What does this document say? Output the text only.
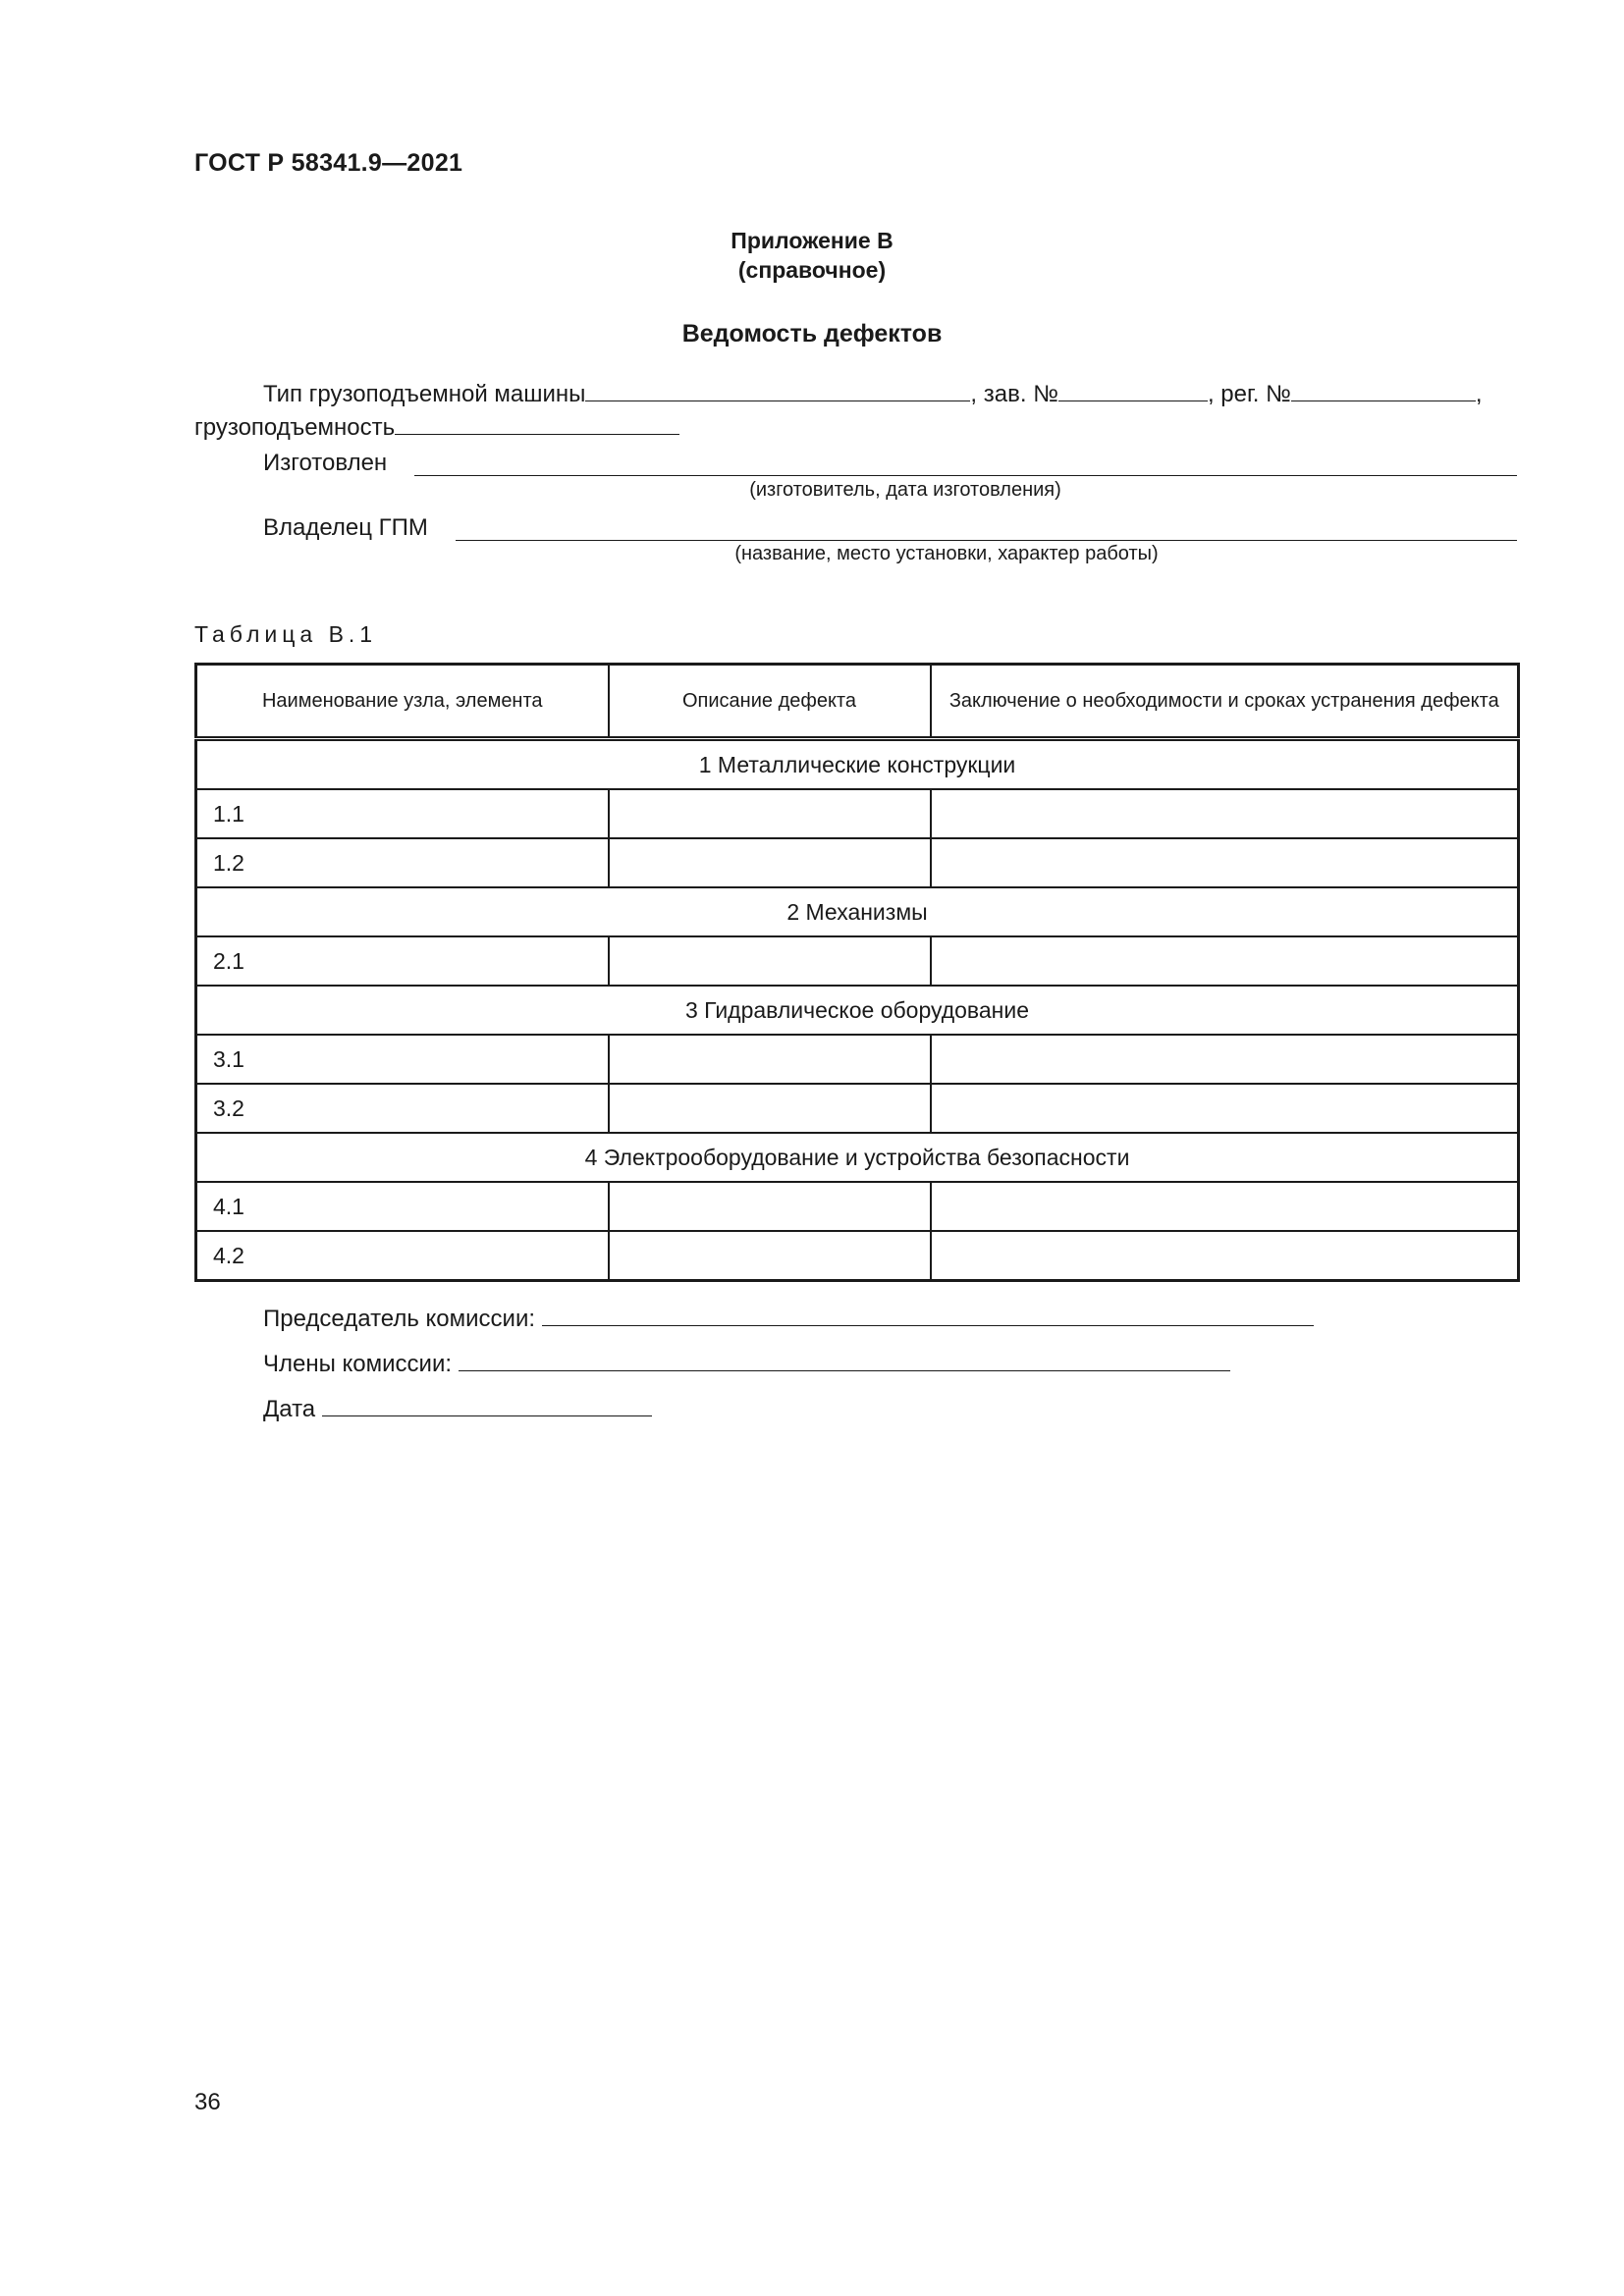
ГОСТ Р 58341.9—2021
Приложение В
(справочное)
Ведомость дефектов
Тип грузоподъемной машины	, зав. №	, рег. №	,
грузоподъемность
Изготовлен
(изготовитель, дата изготовления)
Владелец ГПМ
(название, место установки, характер работы)
Таблица В.1
Наименование узла, элемента	Описание дефекта	Заключение о необходимости и сроках устранения дефекта
1 Металлические конструкции		
1.1		
1.2		
2 Механизмы		
2.1		
3 Гидравлическое оборудование		
3.1		
3.2		
4 Электрооборудование и устройства безопасности		
4.1		
4.2		
Председатель комиссии:
Члены комиссии:
Дата
36
